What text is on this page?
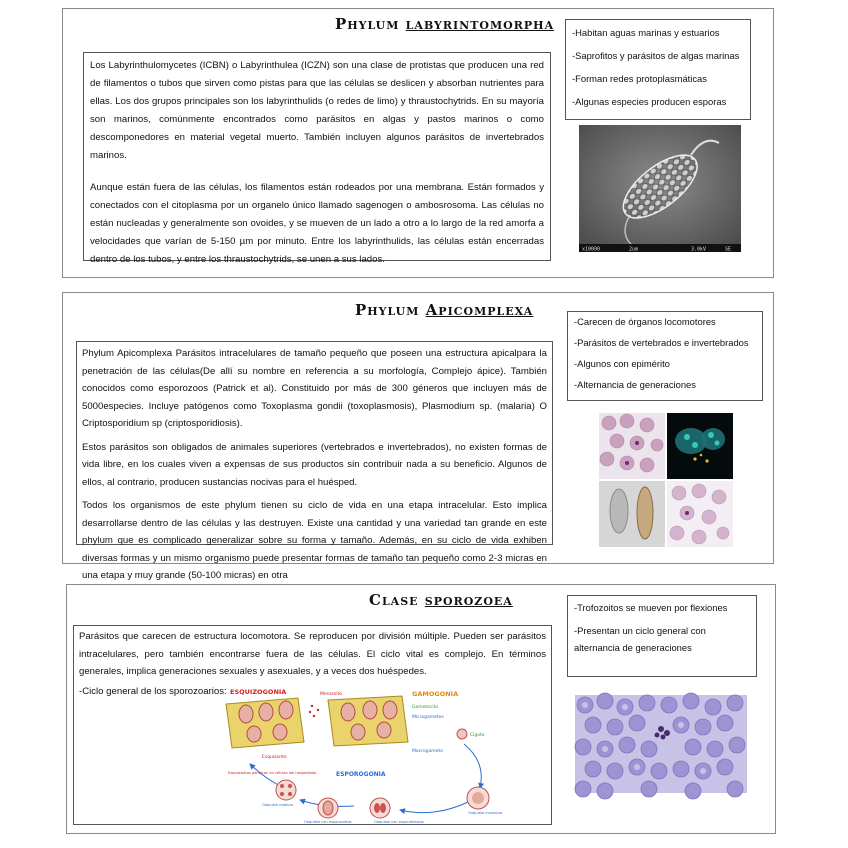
Phylum labyrintomorpha

Los Labyrinthulomycetes (ICBN) o Labyrinthulea (ICZN) son una clase de protistas que producen una red de filamentos o tubos que sirven como pistas para que las células se deslicen y absorban nutrientes para ellas. Los dos grupos principales son los labyrinthulids (o redes de limo) y thraustochytrids. En su mayoría son marinos, comúnmente encontrados como parásitos en algas y pastos marinos o como descomponedores en material vegetal muerto. También incluyen algunos parásitos de invertebrados marinos.

Aunque están fuera de las células, los filamentos están rodeados por una membrana. Están formados y conectados con el citoplasma por un organelo único llamado sagenogen o ambosrosoma. Las células no están nucleadas y generalmente son ovoides, y se mueven de un lado a otro a lo largo de la red amorfa a velocidades que varían de 5-150 µm por minuto. Entre los labyrinthulids, las células están encerradas dentro de los tubos, y entre los thraustochytrids, se unen a sus lados.

-Habitan aguas marinas y estuarios
-Saprofitos y parásitos de algas marinas
-Forman redes protoplasmáticas
-Algunas especies producen esporas
x10000	2um	3.0kV	SE
Phylum Apicomplexa

Phylum Apicomplexa Parásitos intracelulares de tamaño pequeño que poseen una estructura apicalpara la penetración de las células(De allí su nombre en referencia a su morfología, Complejo ápice). También conocidos como esporozoos (Patrick et al). Constituido por más de 300 géneros que incluyen más de 5000especies. Incluye patógenos como Toxoplasma gondii (toxoplasmosis), Plasmodium sp. (malaria) O Criptosporidium sp (criptosporidiosis).

Estos parásitos son obligados de animales superiores (vertebrados e invertebrados), no existen formas de vida libre, en los cuales viven a expensas de sus productos sin contribuir nada a su beneficio. Algunos de ellos, al contrario, producen sustancias nocivas para el huésped.

Todos los organismos de este phylum tienen su ciclo de vida en una etapa intracelular. Esto implica desarrollarse dentro de las células y las destruyen. Existe una cantidad y una variedad tan grande en este phylum que es complicado generalizar sobre su forma y tamaño. Además, en su ciclo de vida exhiben diversas formas y un mismo organismo puede presentar formas de tamaño tan pequeño como 2-3 micras en una etapa y muy grande (50-100 micras) en otra

-Carecen de órganos locomotores
-Parásitos de vertebrados e invertebrados
-Algunos con epimérito
-Alternancia de generaciones
Clase sporozoea

Parásitos que carecen de estructura locomotora. Se reproducen por división múltiple. Pueden ser parásitos intracelulares, pero también encontrarse fuera de las células. El ciclo vital es complejo. En términos generales, implica generaciones sexuales y asexuales, y a veces dos huéspedes.

-Ciclo general de los sporozoarios: ESQUIZOGONIA	Merozoito
Esquizonte
Esporozoitos penetran en células del hospedador
GAMOGONIA
Gametocito
Microgametos
Macrogameto
Cigoto
ESPOROGONIA
Ooquiste inmaduro
Ooquiste con esporoblastos
Ooquiste con esporozoitos
Ooquiste maduro
-Trofozoitos se mueven por flexiones
-Presentan un ciclo general con alternancia de generaciones
